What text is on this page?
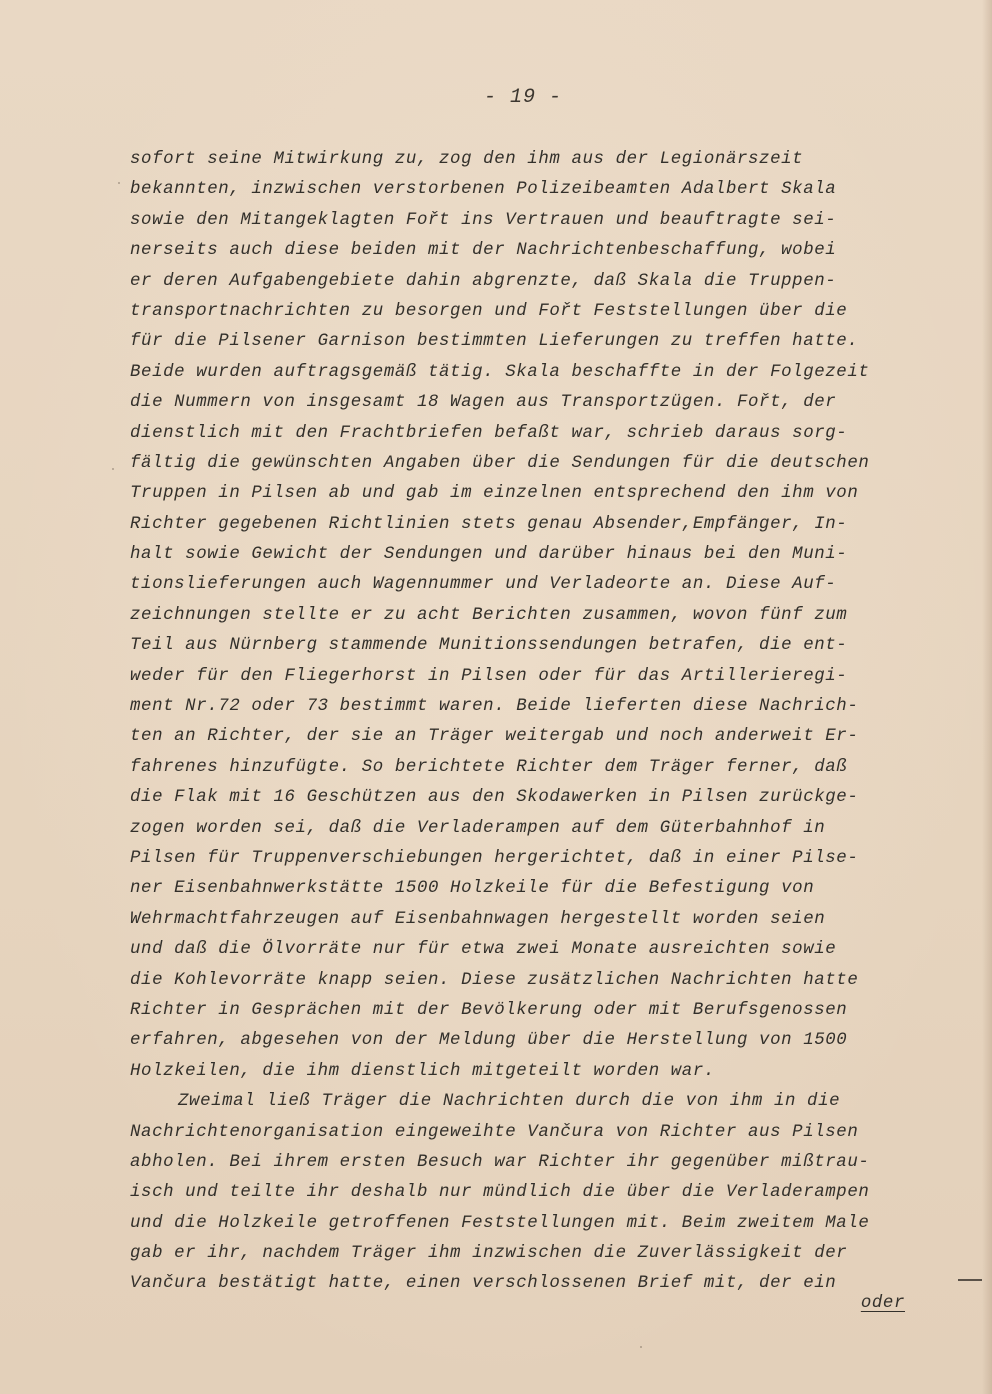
- 19 -
sofort seine Mitwirkung zu, zog den ihm aus der Legionärszeit
bekannten, inzwischen verstorbenen Polizeibeamten Adalbert Skala
sowie den Mitangeklagten Fořt ins Vertrauen und beauftragte sei-
nerseits auch diese beiden mit der Nachrichtenbeschaffung, wobei
er deren Aufgabengebiete dahin abgrenzte, daß Skala die Truppen-
transportnachrichten zu besorgen und Fořt Feststellungen über die
für die Pilsener Garnison bestimmten Lieferungen zu treffen hatte.
Beide wurden auftragsgemäß tätig. Skala beschaffte in der Folgezeit
die Nummern von insgesamt 18 Wagen aus Transportzügen. Fořt, der
dienstlich mit den Frachtbriefen befaßt war, schrieb daraus sorg-
fältig die gewünschten Angaben über die Sendungen für die deutschen
Truppen in Pilsen ab und gab im einzelnen entsprechend den ihm von
Richter gegebenen Richtlinien stets genau Absender,Empfänger, In-
halt sowie Gewicht der Sendungen und darüber hinaus bei den Muni-
tionslieferungen auch Wagennummer und Verladeorte an. Diese Auf-
zeichnungen stellte er zu acht Berichten zusammen, wovon fünf zum
Teil aus Nürnberg stammende Munitionssendungen betrafen, die ent-
weder für den Fliegerhorst in Pilsen oder für das Artillerieregi-
ment Nr.72 oder 73 bestimmt waren. Beide lieferten diese Nachrich-
ten an Richter, der sie an Träger weitergab und noch anderweit Er-
fahrenes hinzufügte. So berichtete Richter dem Träger ferner, daß
die Flak mit 16 Geschützen aus den Skodawerken in Pilsen zurückge-
zogen worden sei, daß die Verladerampen auf dem Güterbahnhof in
Pilsen für Truppenverschiebungen hergerichtet, daß in einer Pilse-
ner Eisenbahnwerkstätte 1500 Holzkeile für die Befestigung von
Wehrmachtfahrzeugen auf Eisenbahnwagen hergestellt worden seien
und daß die Ölvorräte nur für etwa zwei Monate ausreichten sowie
die Kohlevorräte knapp seien. Diese zusätzlichen Nachrichten hatte
Richter in Gesprächen mit der Bevölkerung oder mit Berufsgenossen
erfahren, abgesehen von der Meldung über die Herstellung von 1500
Holzkeilen, die ihm dienstlich mitgeteilt worden war.
Zweimal ließ Träger die Nachrichten durch die von ihm in die
Nachrichtenorganisation eingeweihte Vančura von Richter aus Pilsen
abholen. Bei ihrem ersten Besuch war Richter ihr gegenüber mißtrau-
isch und teilte ihr deshalb nur mündlich die über die Verladerampen
und die Holzkeile getroffenen Feststellungen mit. Beim zweitem Male
gab er ihr, nachdem Träger ihm inzwischen die Zuverlässigkeit der
Vančura bestätigt hatte, einen verschlossenen Brief mit, der ein
oder
